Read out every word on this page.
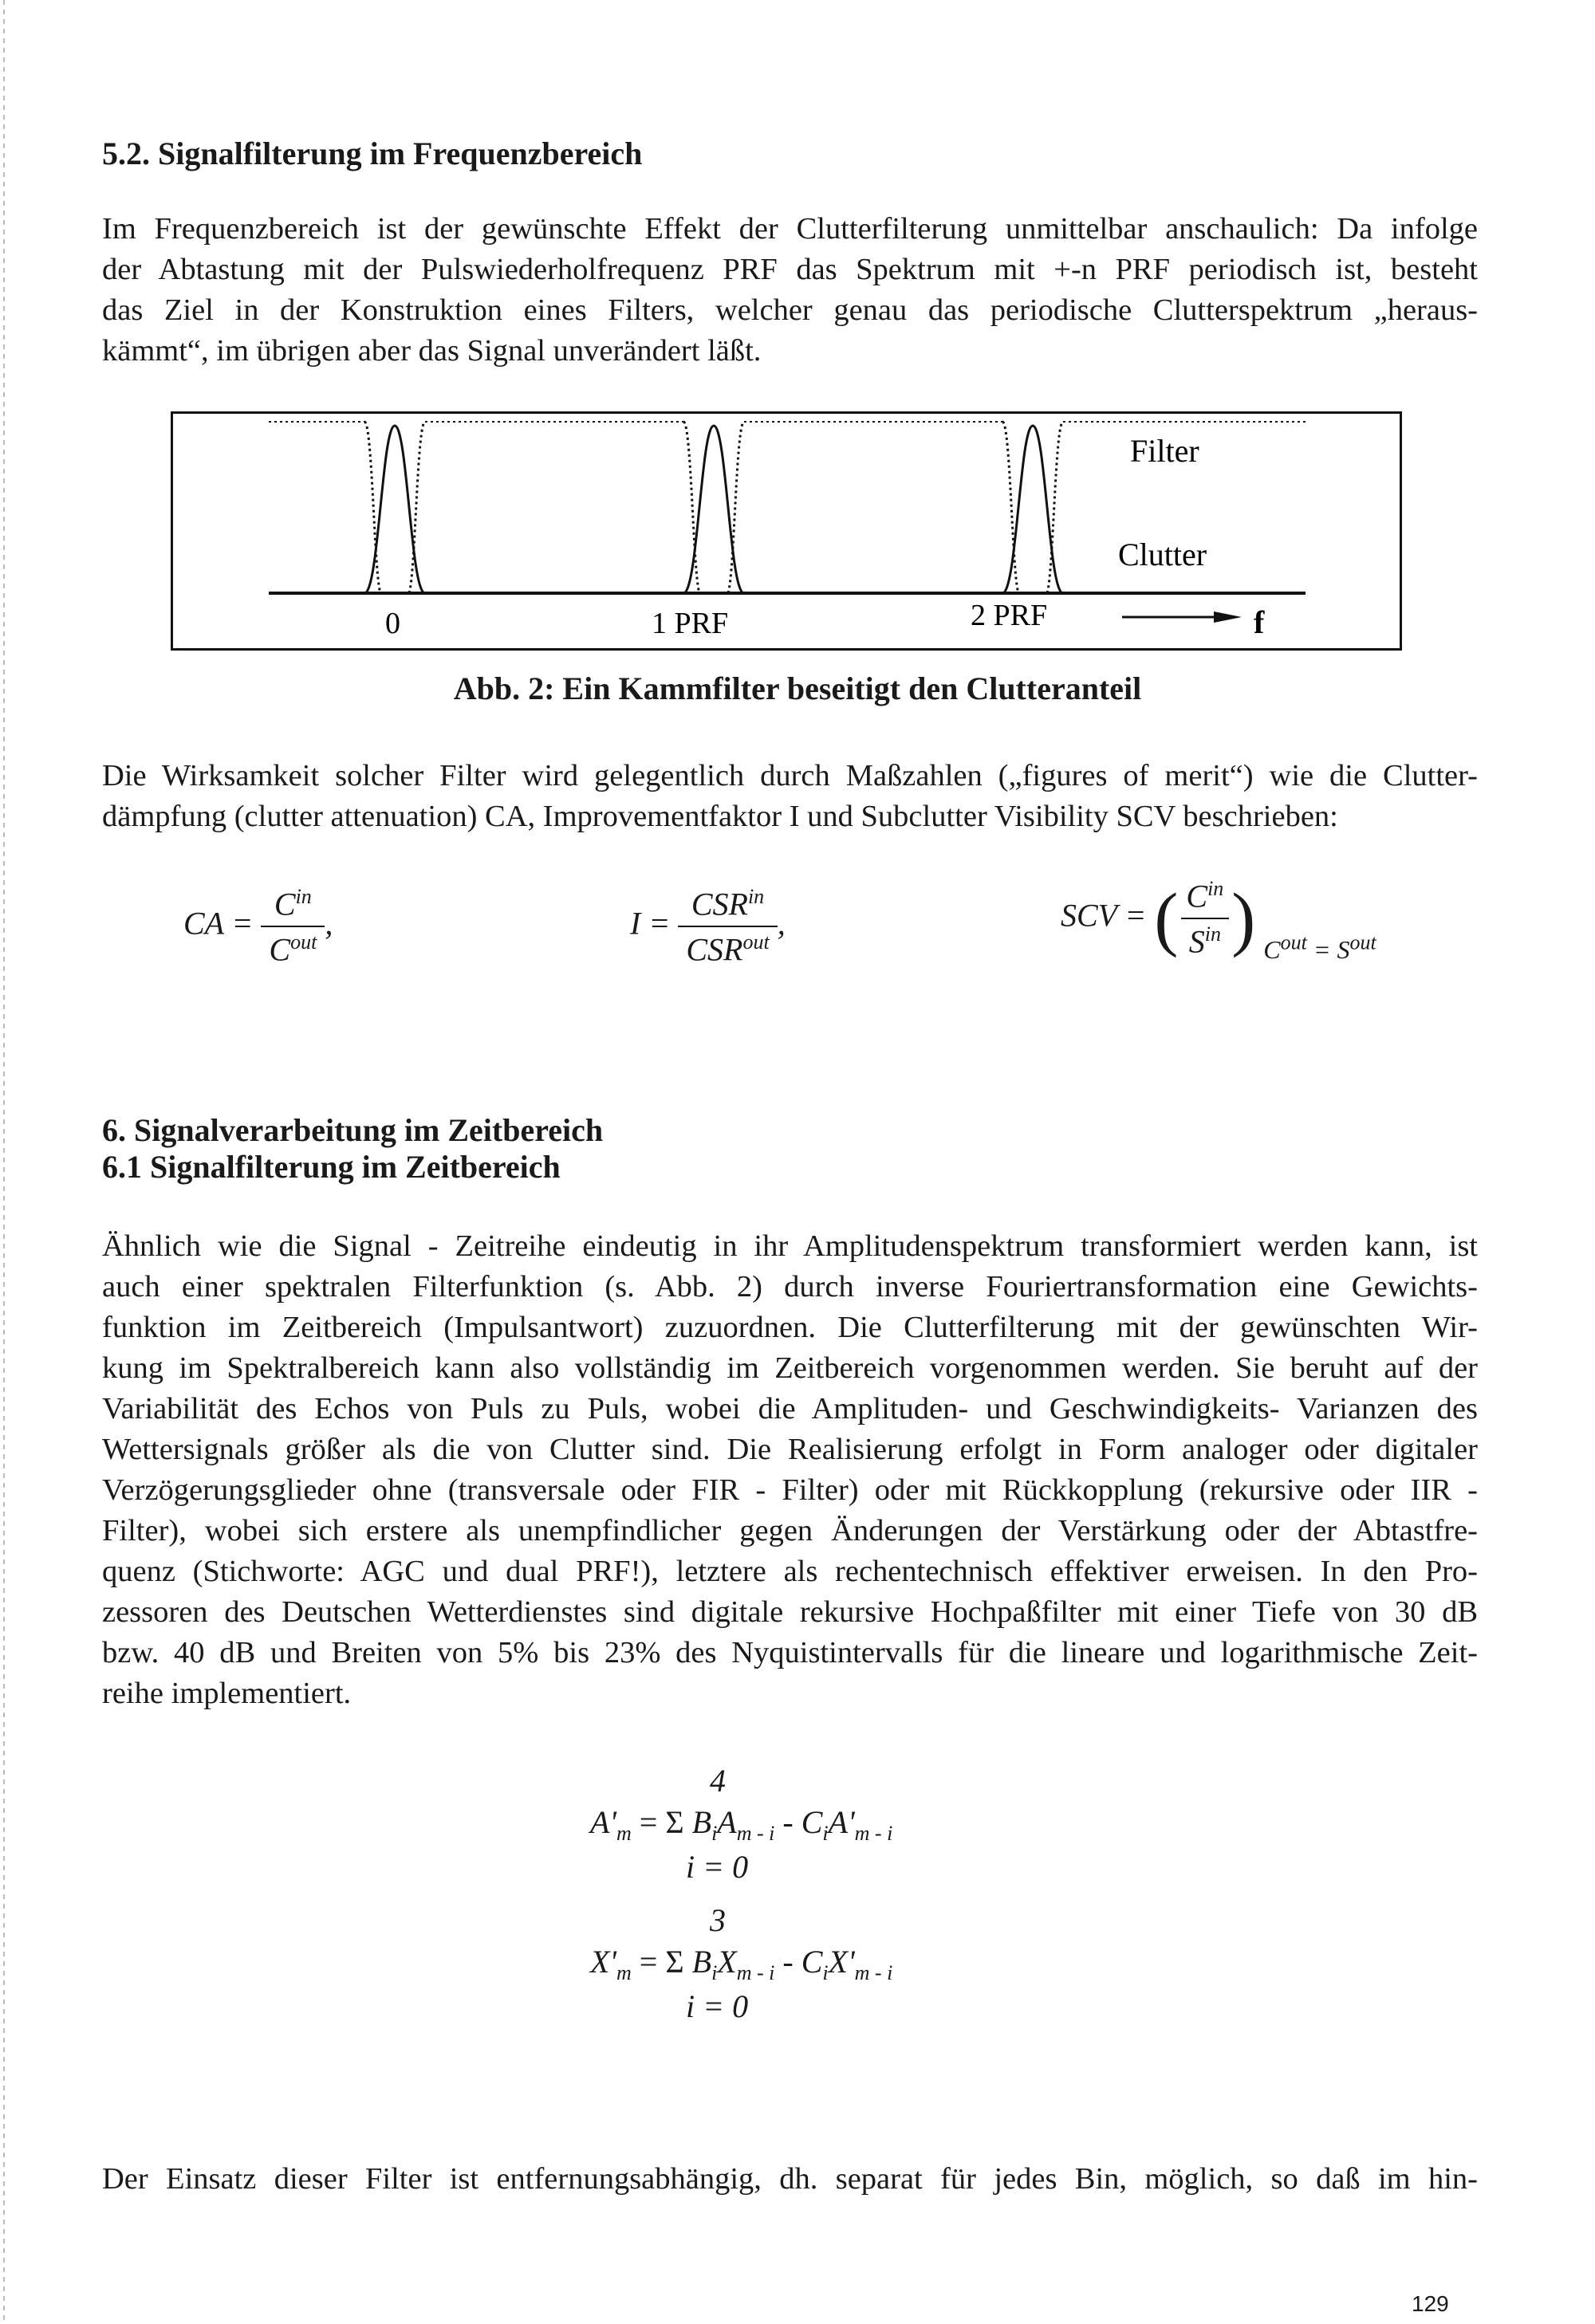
5.2. Signalfilterung im Frequenzbereich

Im Frequenzbereich ist der gewünschte Effekt der Clutterfilterung unmittelbar anschaulich: Da infolge
der Abtastung mit der Pulswiederholfrequenz PRF das Spektrum mit +-n PRF periodisch ist, besteht
das Ziel in der Konstruktion eines Filters, welcher genau das periodische Clutterspektrum „heraus-
kämmt“, im übrigen aber das Signal unverändert läßt.

Filter
Clutter
0	1 PRF	2 PRF	f
Abb. 2: Ein Kammfilter beseitigt den Clutteranteil

Die Wirksamkeit solcher Filter wird gelegentlich durch Maßzahlen („figures of merit“) wie die Clutter-
dämpfung (clutter attenuation) CA, Improvementfaktor I und Subclutter Visibility SCV beschrieben:

CA = $\frac{C^{in}}{C^{out}}$ ,	$I = \frac{CSR^{in}}{CSR^{out}}$ ,	SCV = ( $\frac{C^{in}}{S^{in}}$ ) $_{C^{out} = S^{out}}$
6. Signalverarbeitung im Zeitbereich
6.1 Signalfilterung im Zeitbereich

Ähnlich wie die Signal - Zeitreihe eindeutig in ihr Amplitudenspektrum transformiert werden kann, ist
auch einer spektralen Filterfunktion (s. Abb. 2) durch inverse Fouriertransformation eine Gewichts-
funktion im Zeitbereich (Impulsantwort) zuzuordnen. Die Clutterfilterung mit der gewünschten Wir-
kung im Spektralbereich kann also vollständig im Zeitbereich vorgenommen werden. Sie beruht auf der
Variabilität des Echos von Puls zu Puls, wobei die Amplituden- und Geschwindigkeits- Varianzen des
Wettersignals größer als die von Clutter sind. Die Realisierung erfolgt in Form analoger oder digitaler
Verzögerungsglieder ohne (transversale oder FIR - Filter) oder mit Rückkopplung (rekursive oder IIR -
Filter), wobei sich erstere als unempfindlicher gegen Änderungen der Verstärkung oder der Abtastfre-
quenz (Stichworte: AGC und dual PRF!), letztere als rechentechnisch effektiver erweisen. In den Pro-
zessoren des Deutschen Wetterdienstes sind digitale rekursive Hochpaßfilter mit einer Tiefe von 30 dB
bzw. 40 dB und Breiten von 5% bis 23% des Nyquistintervalls für die lineare und logarithmische Zeit-
reihe implementiert.

4
$A'_m = \Sigma$ $B_iA_{m - i} - C_iA'_{m - i}$
i = 0
3
$X'_m = \Sigma$ $B_iX_{m - i} - C_iX'_{m - i}$
i = 0

Der Einsatz dieser Filter ist entfernungsabhängig, dh. separat für jedes Bin, möglich, so daß im hin-

129
